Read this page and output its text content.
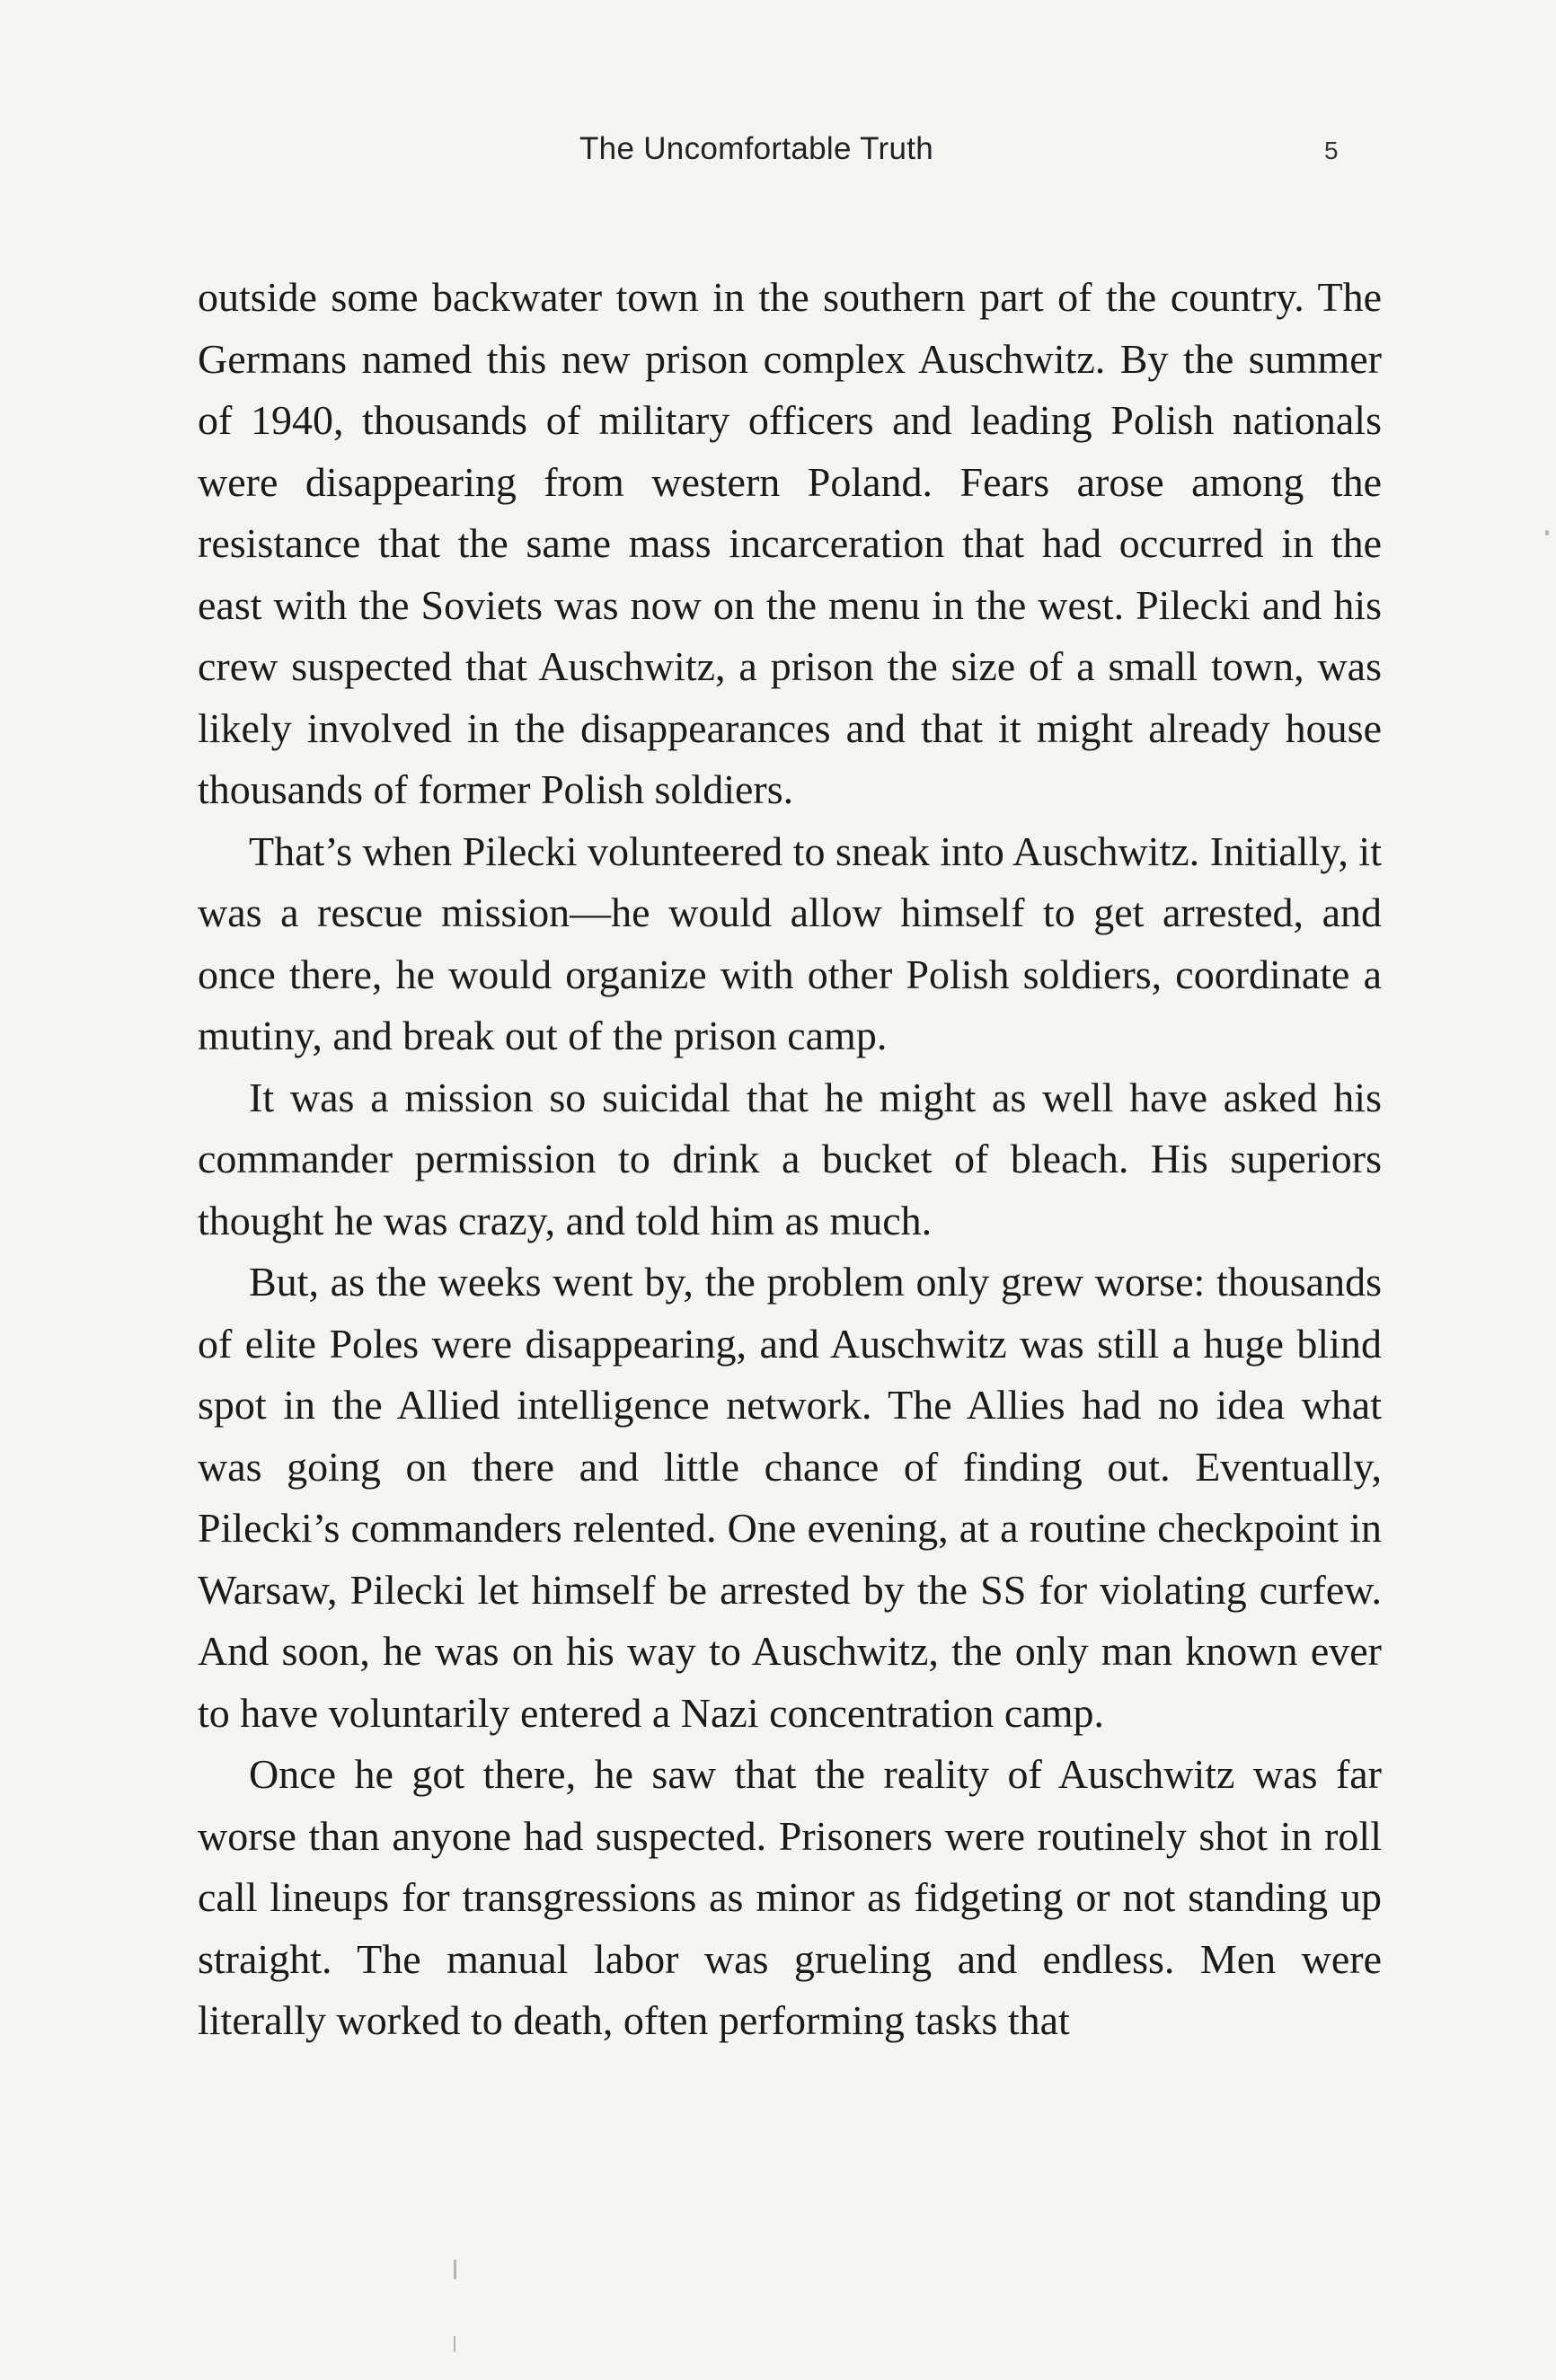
The Uncomfortable Truth	5

outside some backwater town in the southern part of the country. The Germans named this new prison complex Auschwitz. By the summer of 1940, thousands of military officers and leading Polish nationals were disappearing from western Poland. Fears arose among the resistance that the same mass incarceration that had occurred in the east with the Soviets was now on the menu in the west. Pilecki and his crew suspected that Auschwitz, a prison the size of a small town, was likely involved in the disappearances and that it might already house thousands of former Polish soldiers.

That’s when Pilecki volunteered to sneak into Auschwitz. Initially, it was a rescue mission—he would allow himself to get arrested, and once there, he would organize with other Polish soldiers, coordinate a mutiny, and break out of the prison camp.

It was a mission so suicidal that he might as well have asked his commander permission to drink a bucket of bleach. His superiors thought he was crazy, and told him as much.

But, as the weeks went by, the problem only grew worse: thousands of elite Poles were disappearing, and Auschwitz was still a huge blind spot in the Allied intelligence network. The Allies had no idea what was going on there and little chance of finding out. Eventually, Pilecki’s commanders relented. One evening, at a routine checkpoint in Warsaw, Pilecki let himself be arrested by the SS for violating curfew. And soon, he was on his way to Auschwitz, the only man known ever to have voluntarily entered a Nazi concentration camp.

Once he got there, he saw that the reality of Auschwitz was far worse than anyone had suspected. Prisoners were routinely shot in roll call lineups for transgressions as minor as fidgeting or not standing up straight. The manual labor was grueling and endless. Men were literally worked to death, often performing tasks that
